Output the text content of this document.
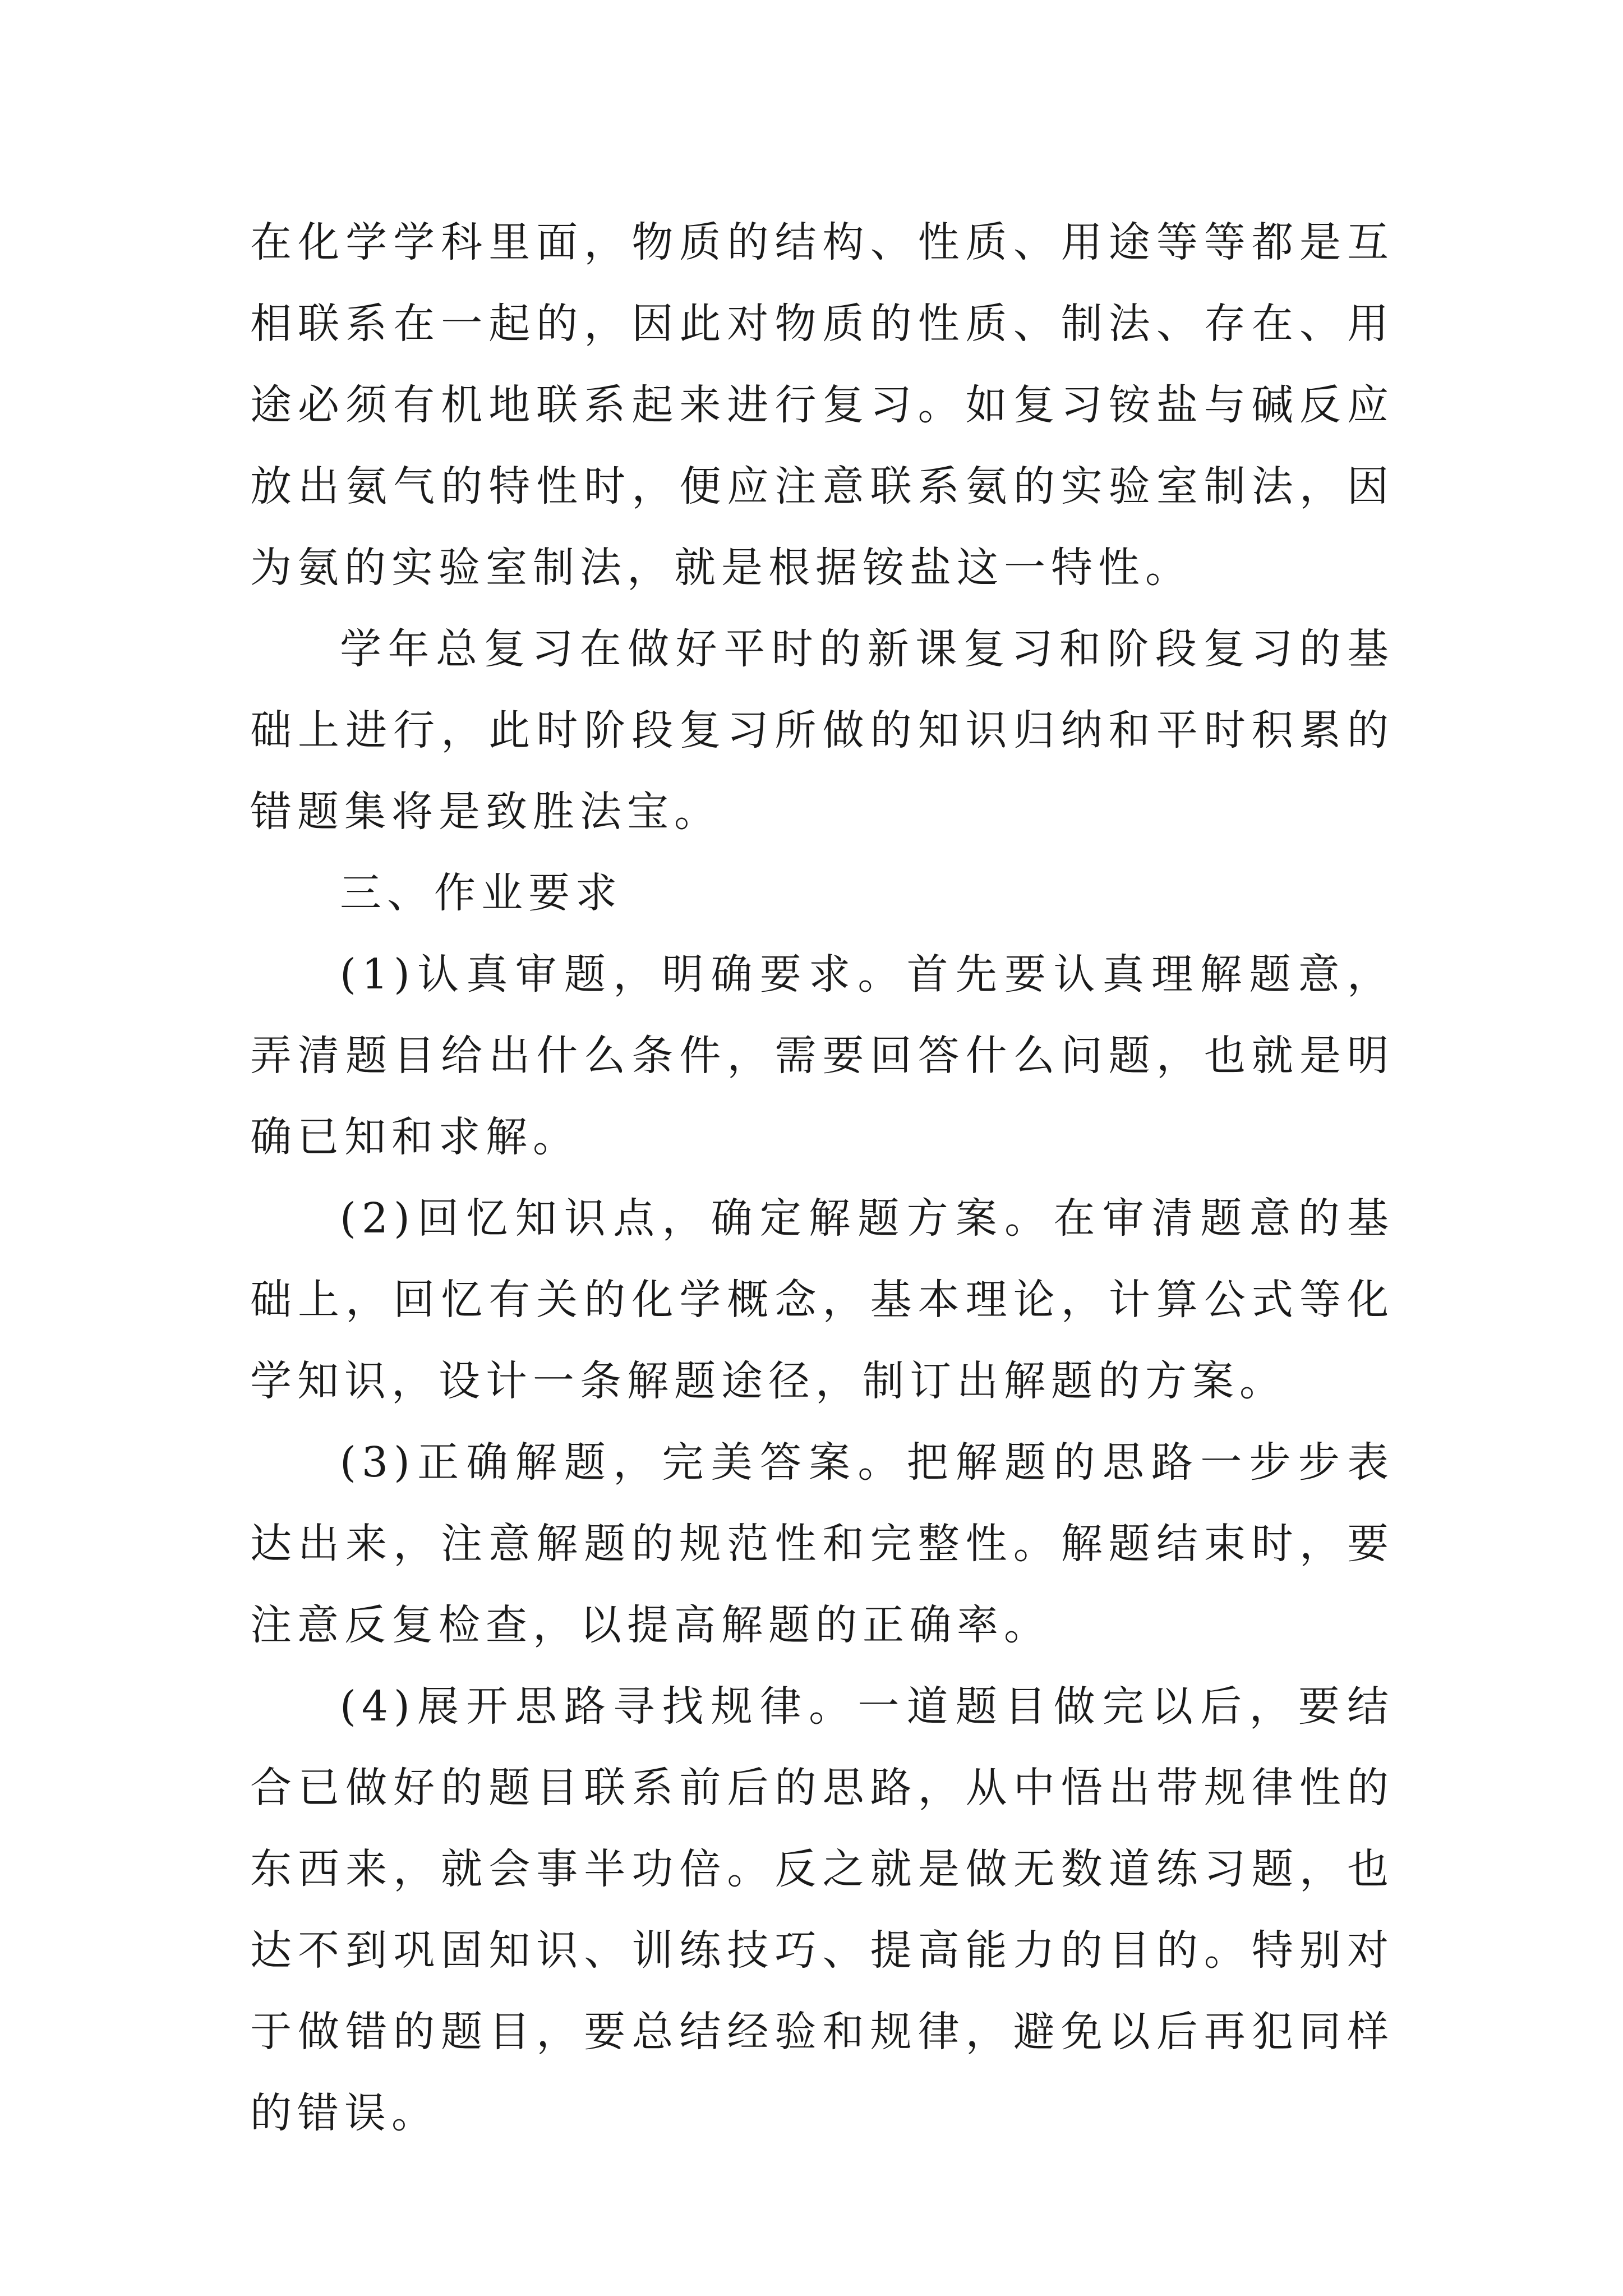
在化学学科里面，物质的结构、性质、用途等等都是互相联系在一起的，因此对物质的性质、制法、存在、用途必须有机地联系起来进行复习。如复习铵盐与碱反应放出氨气的特性时，便应注意联系氨的实验室制法，因为氨的实验室制法，就是根据铵盐这一特性。

学年总复习在做好平时的新课复习和阶段复习的基础上进行，此时阶段复习所做的知识归纳和平时积累的错题集将是致胜法宝。

三、作业要求

(1)认真审题，明确要求。首先要认真理解题意，弄清题目给出什么条件，需要回答什么问题，也就是明确已知和求解。

(2)回忆知识点，确定解题方案。在审清题意的基础上，回忆有关的化学概念，基本理论，计算公式等化学知识，设计一条解题途径，制订出解题的方案。

(3)正确解题，完美答案。把解题的思路一步步表达出来，注意解题的规范性和完整性。解题结束时，要注意反复检查，以提高解题的正确率。

(4)展开思路寻找规律。一道题目做完以后，要结合已做好的题目联系前后的思路，从中悟出带规律性的东西来，就会事半功倍。反之就是做无数道练习题，也达不到巩固知识、训练技巧、提高能力的目的。特别对于做错的题目，要总结经验和规律，避免以后再犯同样的错误。
